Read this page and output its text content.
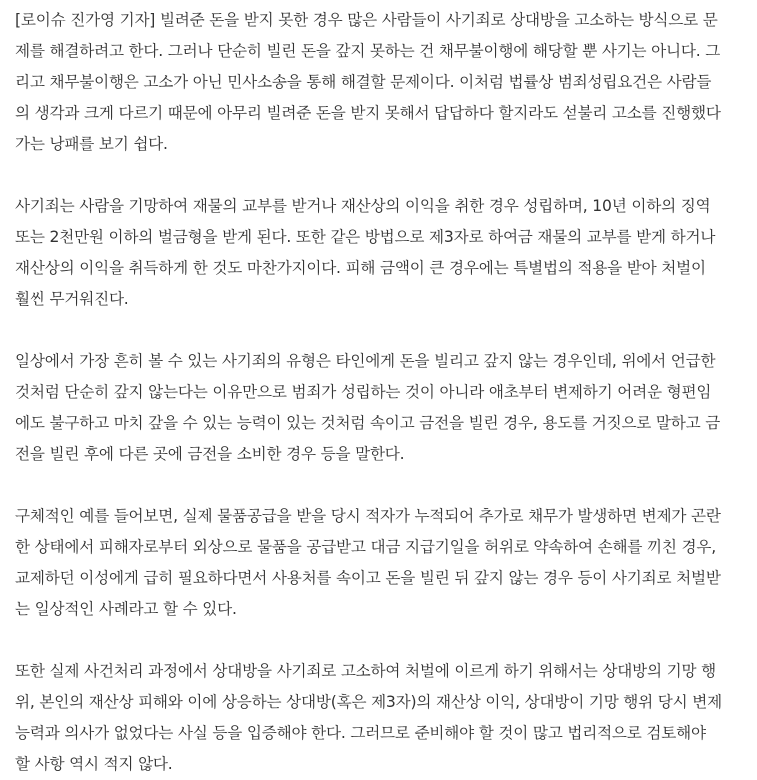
[로이슈 진가영 기자] 빌려준 돈을 받지 못한 경우 많은 사람들이 사기죄로 상대방을 고소하는 방식으로 문
제를 해결하려고 한다. 그러나 단순히 빌린 돈을 갚지 못하는 건 채무불이행에 해당할 뿐 사기는 아니다. 그
리고 채무불이행은 고소가 아닌 민사소송을 통해 해결할 문제이다. 이처럼 법률상 범죄성립요건은 사람들
의 생각과 크게 다르기 때문에 아무리 빌려준 돈을 받지 못해서 답답하다 할지라도 섣불리 고소를 진행했다
가는 낭패를 보기 쉽다.

사기죄는 사람을 기망하여 재물의 교부를 받거나 재산상의 이익을 취한 경우 성립하며, 10년 이하의 징역
또는 2천만원 이하의 벌금형을 받게 된다. 또한 같은 방법으로 제3자로 하여금 재물의 교부를 받게 하거나
재산상의 이익을 취득하게 한 것도 마찬가지이다. 피해 금액이 큰 경우에는 특별법의 적용을 받아 처벌이
훨씬 무거워진다.

일상에서 가장 흔히 볼 수 있는 사기죄의 유형은 타인에게 돈을 빌리고 갚지 않는 경우인데, 위에서 언급한
것처럼 단순히 갚지 않는다는 이유만으로 범죄가 성립하는 것이 아니라 애초부터 변제하기 어려운 형편임
에도 불구하고 마치 갚을 수 있는 능력이 있는 것처럼 속이고 금전을 빌린 경우, 용도를 거짓으로 말하고 금
전을 빌린 후에 다른 곳에 금전을 소비한 경우 등을 말한다.

구체적인 예를 들어보면, 실제 물품공급을 받을 당시 적자가 누적되어 추가로 채무가 발생하면 변제가 곤란
한 상태에서 피해자로부터 외상으로 물품을 공급받고 대금 지급기일을 허위로 약속하여 손해를 끼친 경우,
교제하던 이성에게 급히 필요하다면서 사용처를 속이고 돈을 빌린 뒤 갚지 않는 경우 등이 사기죄로 처벌받
는 일상적인 사례라고 할 수 있다.

또한 실제 사건처리 과정에서 상대방을 사기죄로 고소하여 처벌에 이르게 하기 위해서는 상대방의 기망 행
위, 본인의 재산상 피해와 이에 상응하는 상대방(혹은 제3자)의 재산상 이익, 상대방이 기망 행위 당시 변제
능력과 의사가 없었다는 사실 등을 입증해야 한다. 그러므로 준비해야 할 것이 많고 법리적으로 검토해야
할 사항 역시 적지 않다.
